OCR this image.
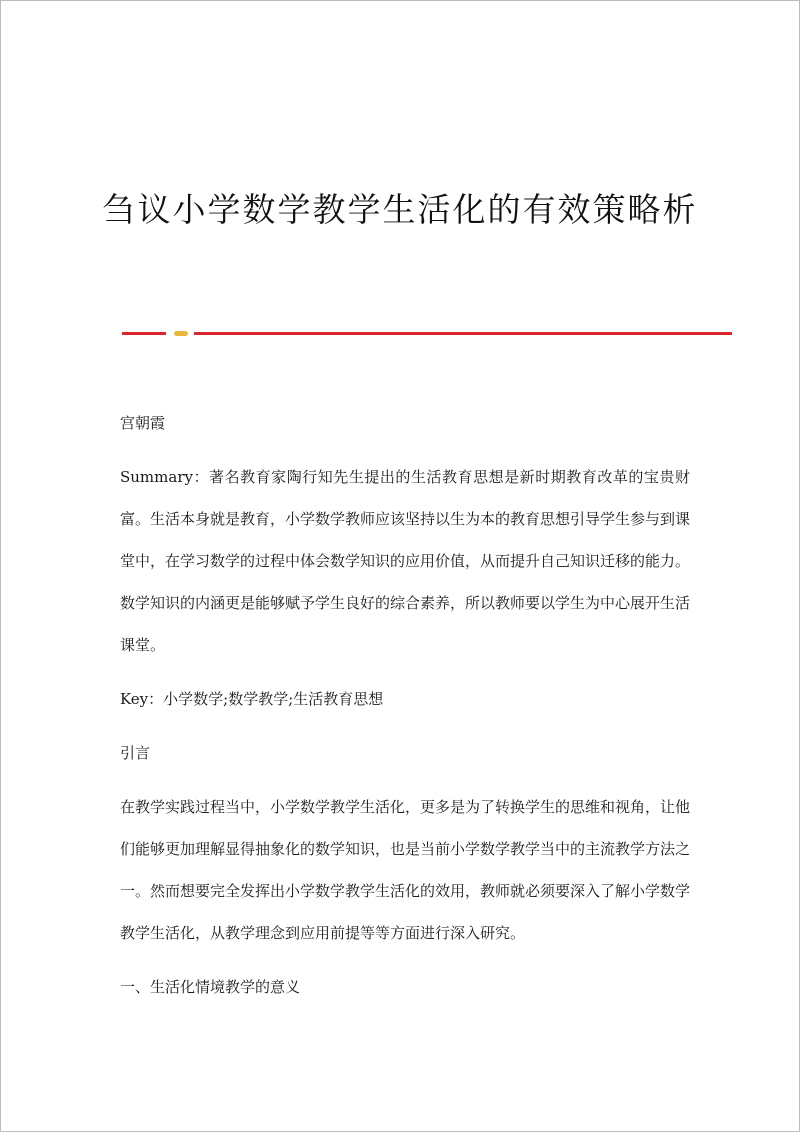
刍议小学数学教学生活化的有效策略析

宫朝霞

Summary：著名教育家陶行知先生提出的生活教育思想是新时期教育改革的宝贵财富。生活本身就是教育，小学数学教师应该坚持以生为本的教育思想引导学生参与到课堂中，在学习数学的过程中体会数学知识的应用价值，从而提升自己知识迁移的能力。数学知识的内涵更是能够赋予学生良好的综合素养，所以教师要以学生为中心展开生活课堂。

Key：小学数学;数学教学;生活教育思想

引言

在教学实践过程当中，小学数学教学生活化，更多是为了转换学生的思维和视角，让他们能够更加理解显得抽象化的数学知识，也是当前小学数学教学当中的主流教学方法之一。然而想要完全发挥出小学数学教学生活化的效用，教师就必须要深入了解小学数学教学生活化，从教学理念到应用前提等等方面进行深入研究。

一、生活化情境教学的意义
